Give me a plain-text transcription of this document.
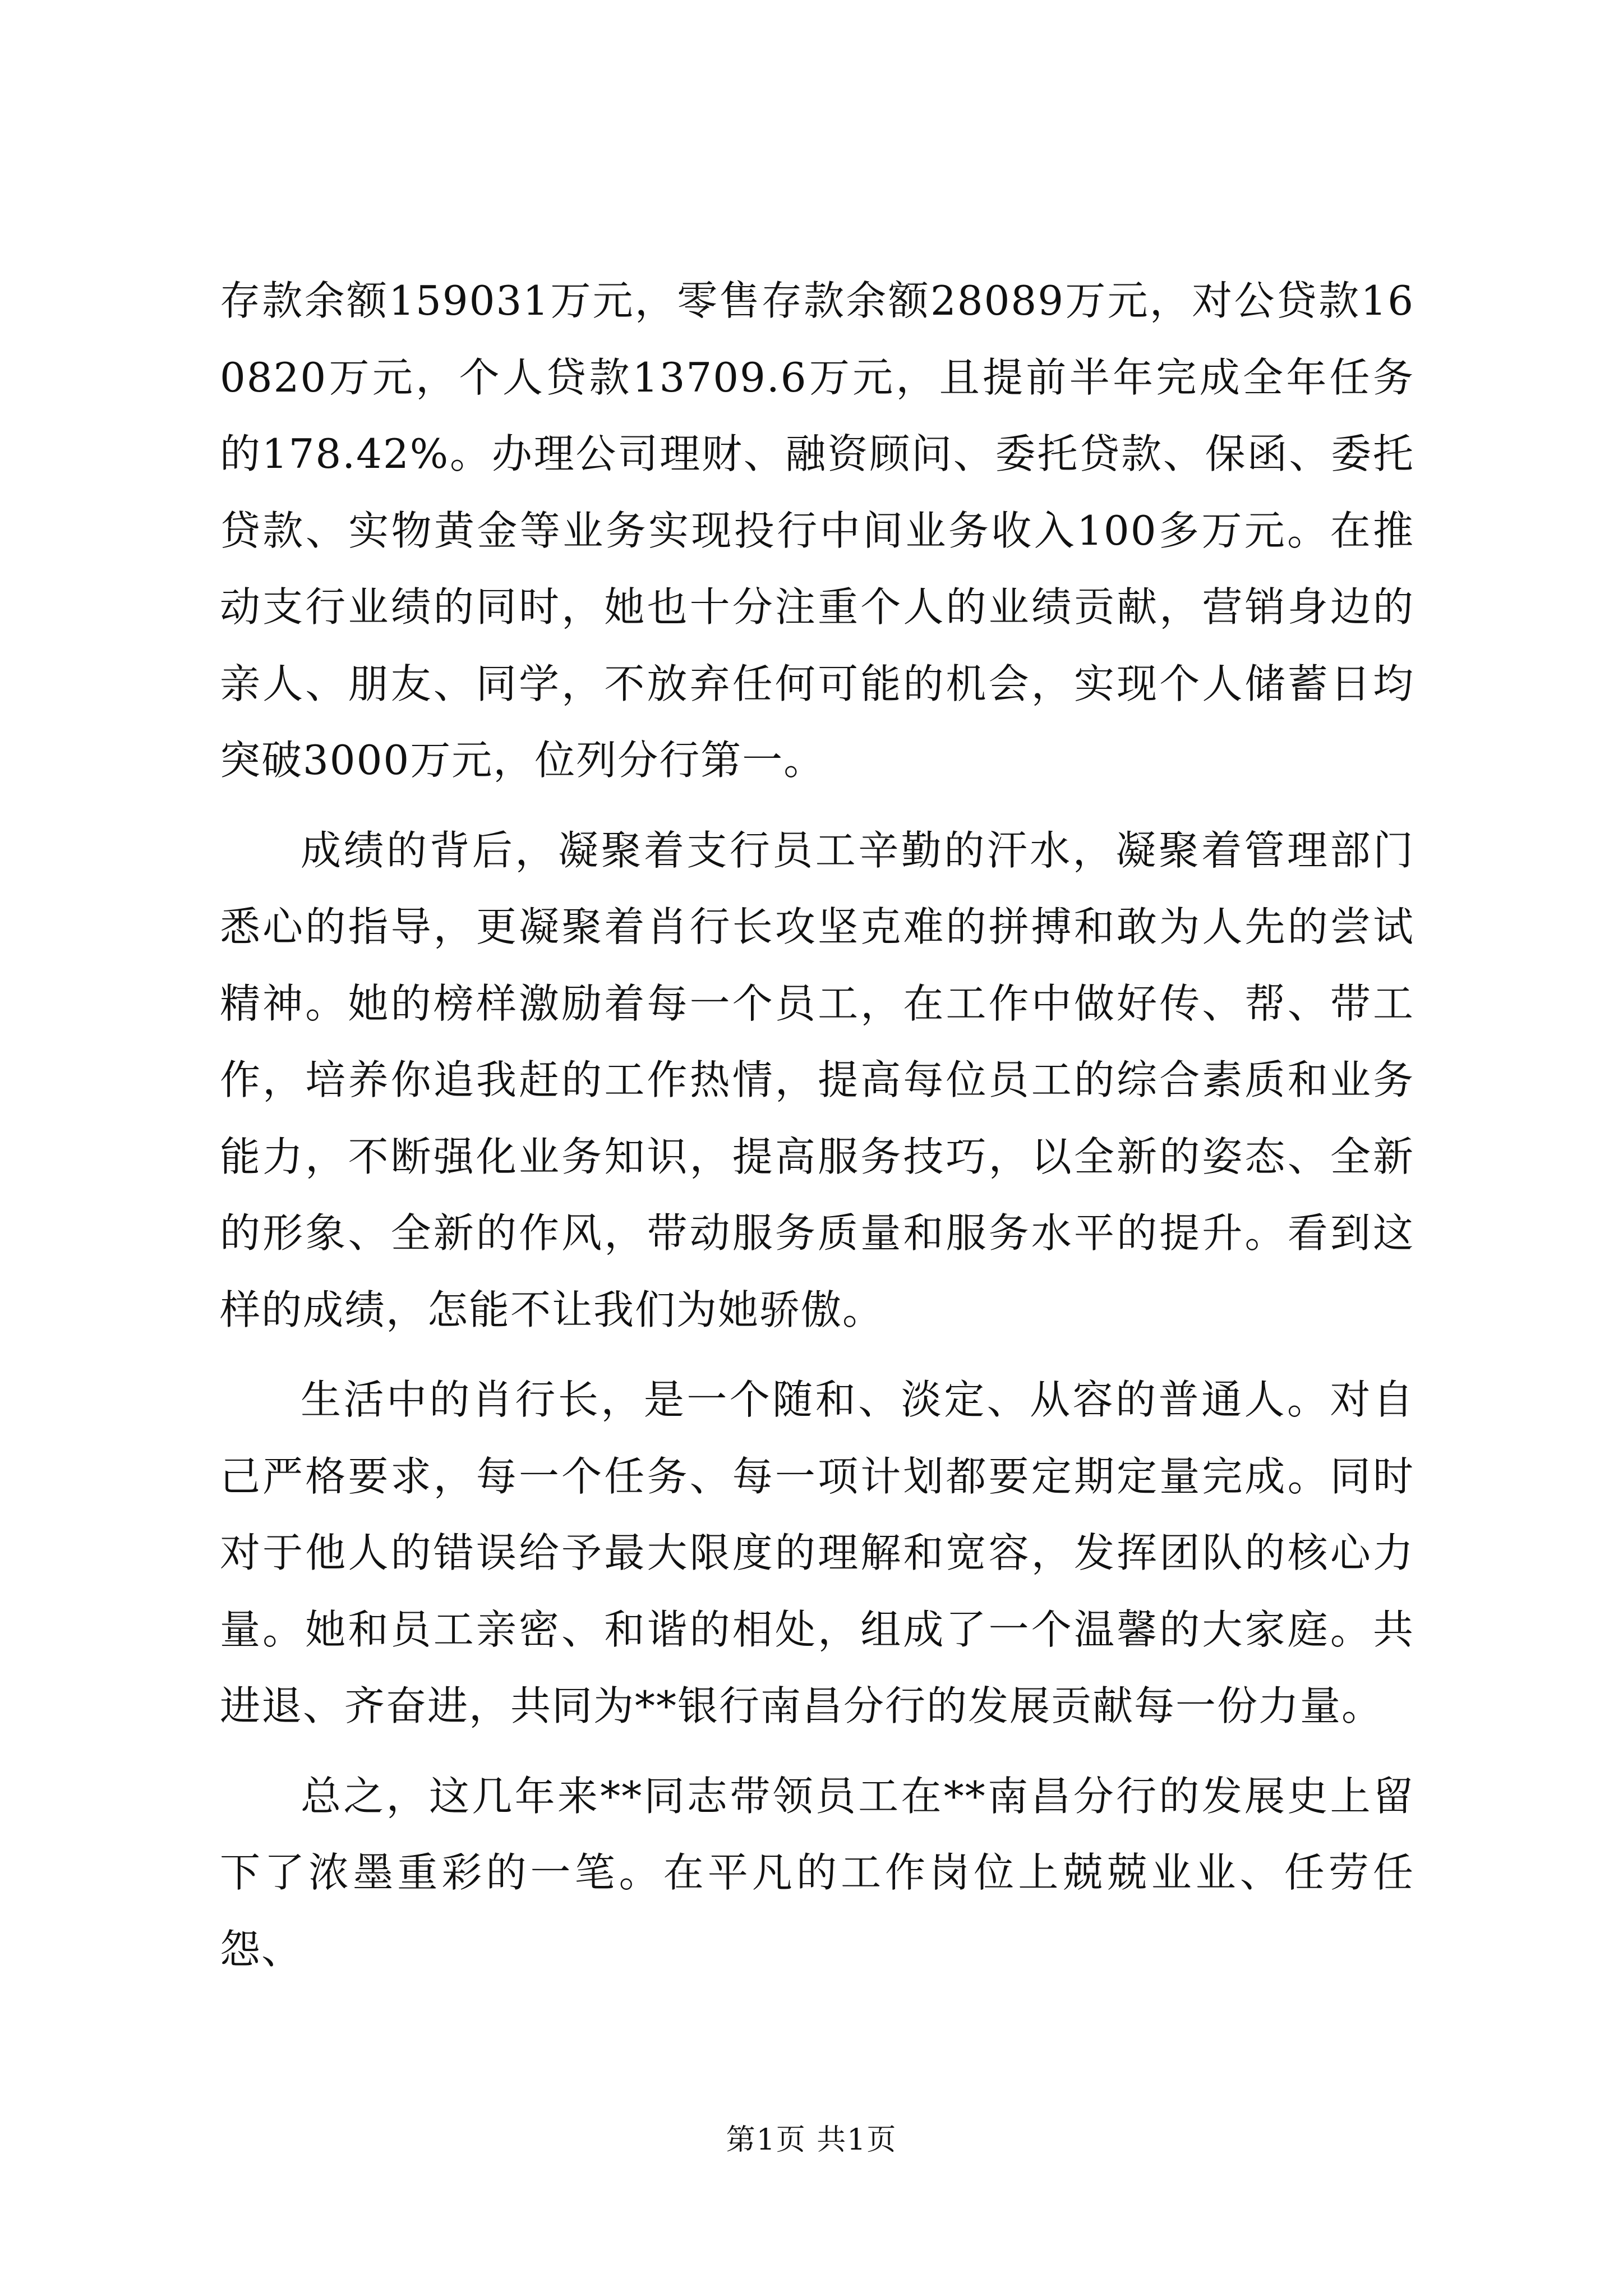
存款余额159031万元，零售存款余额28089万元，对公贷款160820万元，个人贷款13709.6万元，且提前半年完成全年任务的178.42%。办理公司理财、融资顾问、委托贷款、保函、委托贷款、实物黄金等业务实现投行中间业务收入100多万元。在推动支行业绩的同时，她也十分注重个人的业绩贡献，营销身边的亲人、朋友、同学，不放弃任何可能的机会，实现个人储蓄日均突破3000万元，位列分行第一。

成绩的背后，凝聚着支行员工辛勤的汗水，凝聚着管理部门悉心的指导，更凝聚着肖行长攻坚克难的拼搏和敢为人先的尝试精神。她的榜样激励着每一个员工，在工作中做好传、帮、带工作，培养你追我赶的工作热情，提高每位员工的综合素质和业务能力，不断强化业务知识，提高服务技巧，以全新的姿态、全新的形象、全新的作风，带动服务质量和服务水平的提升。看到这样的成绩，怎能不让我们为她骄傲。

生活中的肖行长，是一个随和、淡定、从容的普通人。对自己严格要求，每一个任务、每一项计划都要定期定量完成。同时对于他人的错误给予最大限度的理解和宽容，发挥团队的核心力量。她和员工亲密、和谐的相处，组成了一个温馨的大家庭。共进退、齐奋进，共同为**银行南昌分行的发展贡献每一份力量。

总之，这几年来**同志带领员工在**南昌分行的发展史上留下了浓墨重彩的一笔。在平凡的工作岗位上兢兢业业、任劳任怨、

第1页 共1页
